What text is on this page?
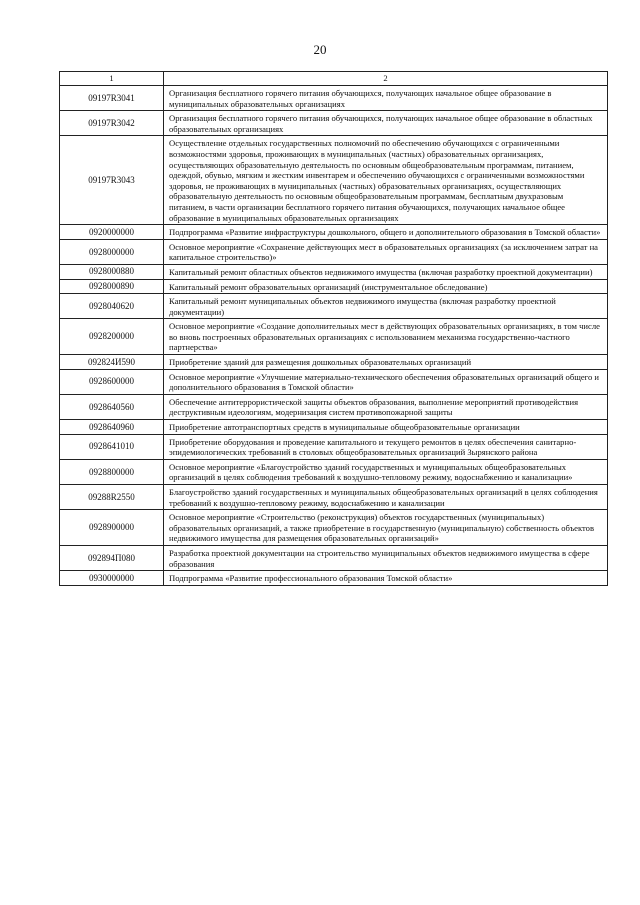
20
1	2
09197R3041	Организация бесплатного горячего питания обучающихся, получающих начальное общее образование в муниципальных образовательных организациях
09197R3042	Организация бесплатного горячего питания обучающихся, получающих начальное общее образование в областных образовательных организациях
09197R3043	Осуществление отдельных государственных полномочий по обеспечению обучающихся с ограниченными возможностями здоровья, проживающих в муниципальных (частных) образовательных организациях, осуществляющих образовательную деятельность по основным общеобразовательным программам, питанием, одеждой, обувью, мягким и жестким инвентарем и обеспечению обучающихся с ограниченными возможностями здоровья, не проживающих в муниципальных (частных) образовательных организациях, осуществляющих образовательную деятельность по основным общеобразовательным программам, бесплатным двухразовым питанием, в части организации бесплатного горячего питания обучающихся, получающих начальное общее образование в муниципальных образовательных организациях
0920000000	Подпрограмма «Развитие инфраструктуры дошкольного, общего и дополнительного образования в Томской области»
0928000000	Основное мероприятие «Сохранение действующих мест в образовательных организациях (за исключением затрат на капитальное строительство)»
0928000880	Капитальный ремонт областных объектов недвижимого имущества (включая разработку проектной документации)
0928000890	Капитальный ремонт образовательных организаций (инструментальное обследование)
0928040620	Капитальный ремонт муниципальных объектов недвижимого имущества (включая разработку проектной документации)
0928200000	Основное мероприятие «Создание дополнительных мест в действующих образовательных организациях, в том числе во вновь построенных образовательных организациях с использованием механизма государственно-частного партнерства»
092824И590	Приобретение зданий для размещения дошкольных образовательных организаций
0928600000	Основное мероприятие «Улучшение материально-технического обеспечения образовательных организаций общего и дополнительного образования в Томской области»
0928640560	Обеспечение антитеррористической защиты объектов образования, выполнение мероприятий противодействия деструктивным идеологиям, модернизация систем противопожарной защиты
0928640960	Приобретение автотранспортных средств в муниципальные общеобразовательные организации
0928641010	Приобретение оборудования и проведение капитального и текущего ремонтов в целях обеспечения санитарно-эпидемиологических требований в столовых общеобразовательных организаций Зырянского района
0928800000	Основное мероприятие «Благоустройство зданий государственных и муниципальных общеобразовательных организаций в целях соблюдения требований к воздушно-тепловому режиму, водоснабжению и канализации»
09288R2550	Благоустройство зданий государственных и муниципальных общеобразовательных организаций в целях соблюдения требований к воздушно-тепловому режиму, водоснабжению и канализации
0928900000	Основное мероприятие «Строительство (реконструкция) объектов государственных (муниципальных) образовательных организаций, а также приобретение в государственную (муниципальную) собственность объектов недвижимого имущества для размещения образовательных организаций»
092894П080	Разработка проектной документации на строительство муниципальных объектов недвижимого имущества в сфере образования
0930000000	Подпрограмма «Развитие профессионального образования Томской области»
